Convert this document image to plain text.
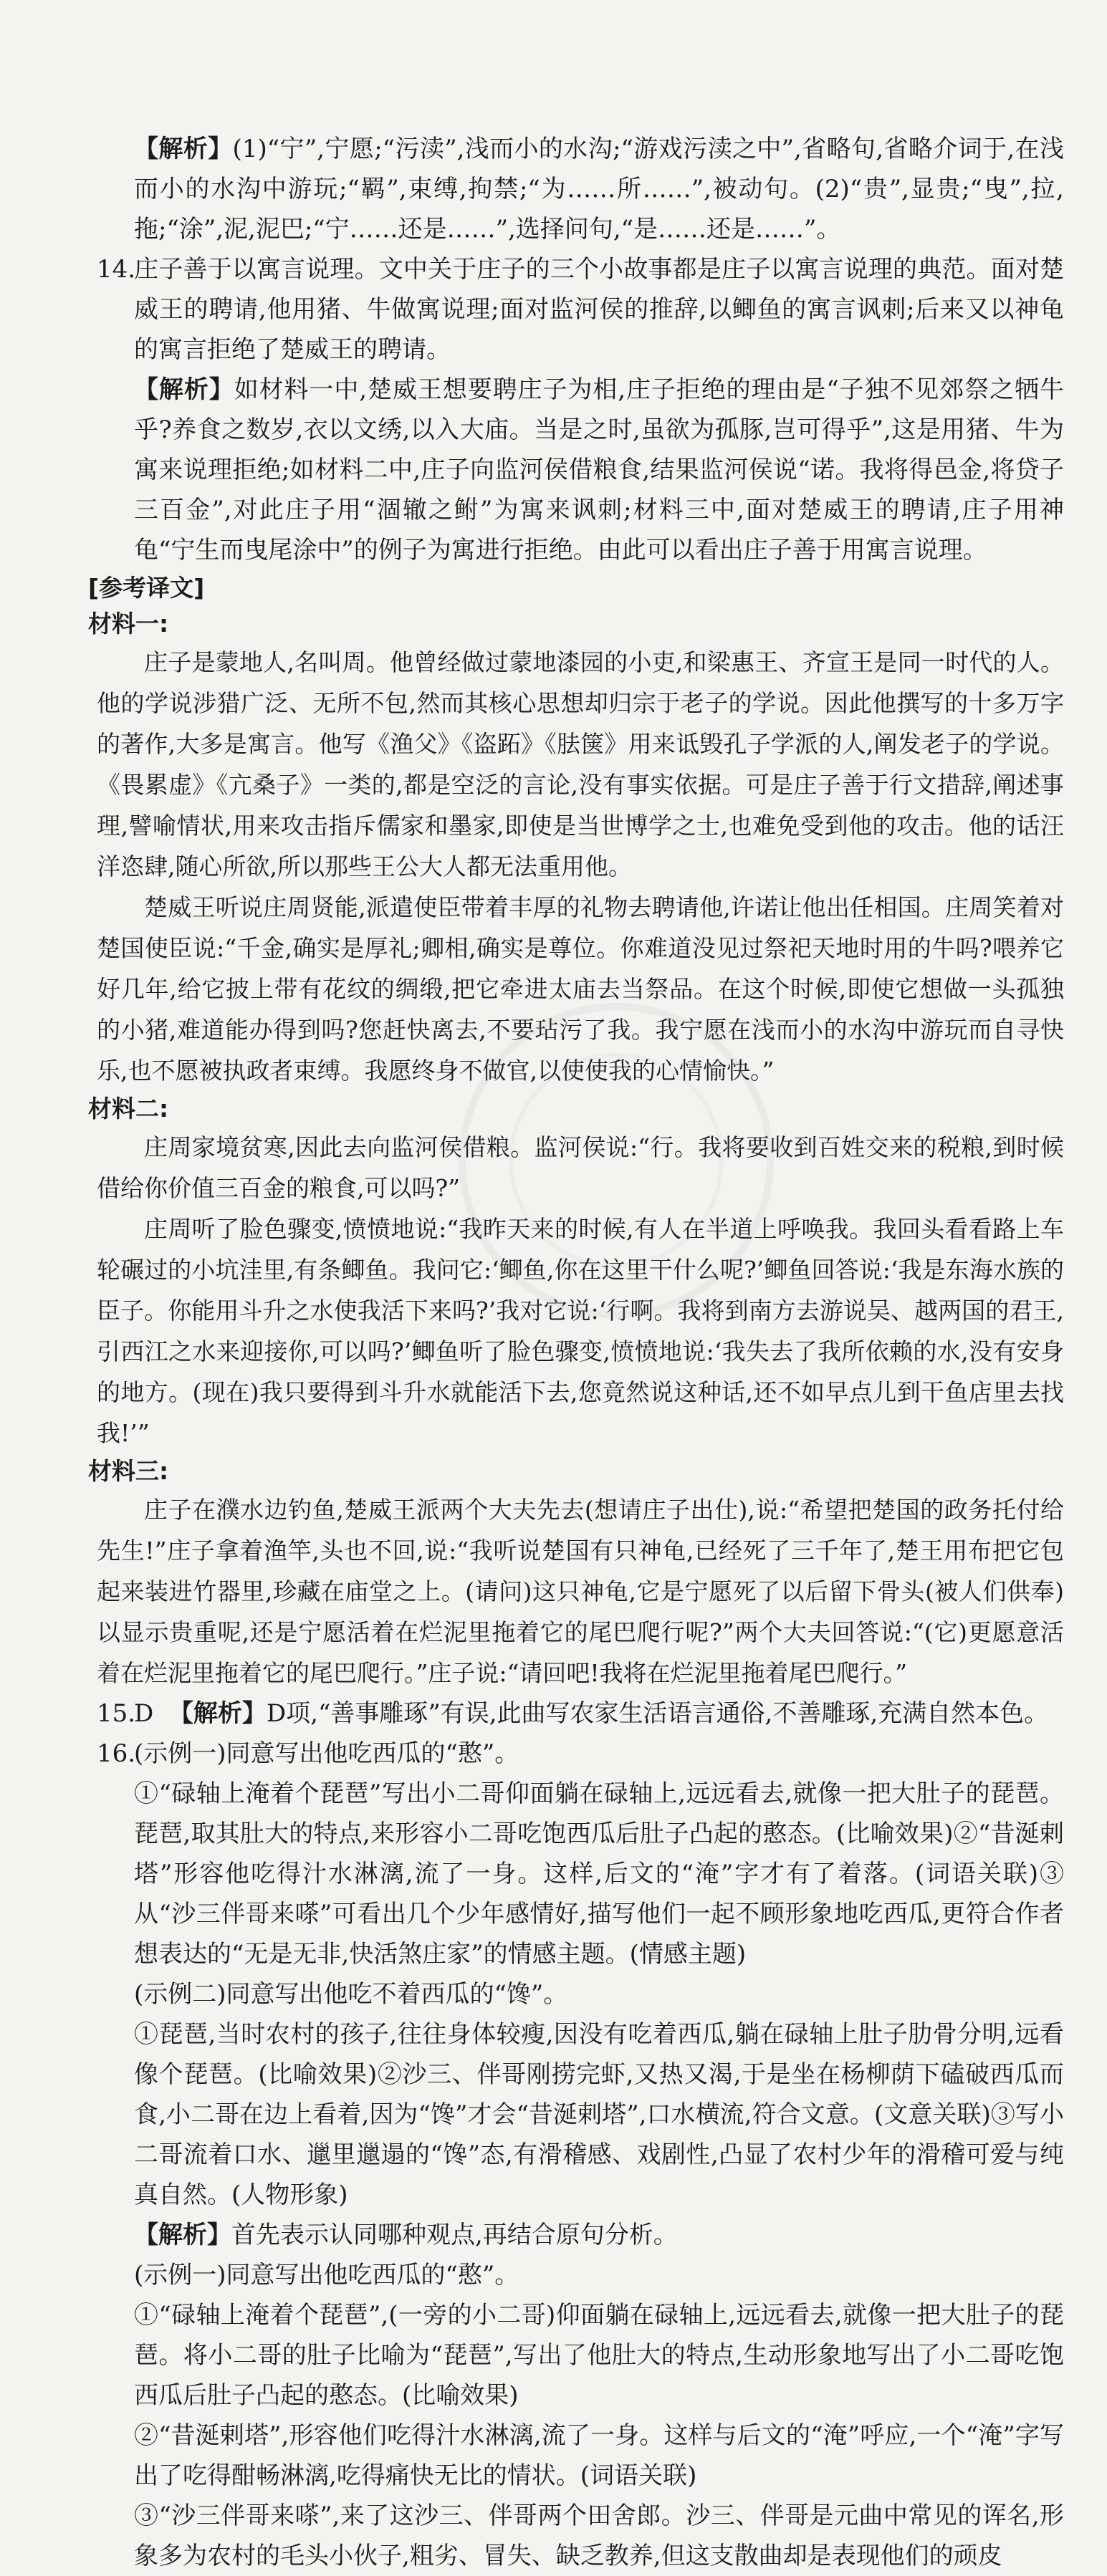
【解析】(1)“宁”,宁愿;“污渎”,浅而小的水沟;“游戏污渎之中”,省略句,省略介词于,在浅而小的水沟中游玩;“羁”,束缚,拘禁;“为……所……”,被动句。(2)“贵”,显贵;“曳”,拉,拖;“涂”,泥,泥巴;“宁……还是……”,选择问句,“是……还是……”。
14.庄子善于以寓言说理。文中关于庄子的三个小故事都是庄子以寓言说理的典范。面对楚威王的聘请,他用猪、牛做寓说理;面对监河侯的推辞,以鲫鱼的寓言讽刺;后来又以神龟的寓言拒绝了楚威王的聘请。
【解析】如材料一中,楚威王想要聘庄子为相,庄子拒绝的理由是“子独不见郊祭之牺牛乎?养食之数岁,衣以文绣,以入大庙。当是之时,虽欲为孤豚,岂可得乎”,这是用猪、牛为寓来说理拒绝;如材料二中,庄子向监河侯借粮食,结果监河侯说“诺。我将得邑金,将贷子三百金”,对此庄子用“涸辙之鲋”为寓来讽刺;材料三中,面对楚威王的聘请,庄子用神龟“宁生而曳尾涂中”的例子为寓进行拒绝。由此可以看出庄子善于用寓言说理。
[参考译文]
材料一:

庄子是蒙地人,名叫周。他曾经做过蒙地漆园的小吏,和梁惠王、齐宣王是同一时代的人。他的学说涉猎广泛、无所不包,然而其核心思想却归宗于老子的学说。因此他撰写的十多万字的著作,大多是寓言。他写《渔父》《盗跖》《胠箧》用来诋毁孔子学派的人,阐发老子的学说。《畏累虚》《亢桑子》一类的,都是空泛的言论,没有事实依据。可是庄子善于行文措辞,阐述事理,譬喻情状,用来攻击指斥儒家和墨家,即使是当世博学之士,也难免受到他的攻击。他的话汪洋恣肆,随心所欲,所以那些王公大人都无法重用他。

楚威王听说庄周贤能,派遣使臣带着丰厚的礼物去聘请他,许诺让他出任相国。庄周笑着对楚国使臣说:“千金,确实是厚礼;卿相,确实是尊位。你难道没见过祭祀天地时用的牛吗?喂养它好几年,给它披上带有花纹的绸缎,把它牵进太庙去当祭品。在这个时候,即使它想做一头孤独的小猪,难道能办得到吗?您赶快离去,不要玷污了我。我宁愿在浅而小的水沟中游玩而自寻快乐,也不愿被执政者束缚。我愿终身不做官,以使使我的心情愉快。”

材料二:

庄周家境贫寒,因此去向监河侯借粮。监河侯说:“行。我将要收到百姓交来的税粮,到时候借给你价值三百金的粮食,可以吗?”

庄周听了脸色骤变,愤愤地说:“我昨天来的时候,有人在半道上呼唤我。我回头看看路上车轮碾过的小坑洼里,有条鲫鱼。我问它:‘鲫鱼,你在这里干什么呢?’鲫鱼回答说:‘我是东海水族的臣子。你能用斗升之水使我活下来吗?’我对它说:‘行啊。我将到南方去游说吴、越两国的君王,引西江之水来迎接你,可以吗?’鲫鱼听了脸色骤变,愤愤地说:‘我失去了我所依赖的水,没有安身的地方。(现在)我只要得到斗升水就能活下去,您竟然说这种话,还不如早点儿到干鱼店里去找我!’”

材料三:

庄子在濮水边钓鱼,楚威王派两个大夫先去(想请庄子出仕),说:“希望把楚国的政务托付给先生!”庄子拿着渔竿,头也不回,说:“我听说楚国有只神龟,已经死了三千年了,楚王用布把它包起来装进竹器里,珍藏在庙堂之上。(请问)这只神龟,它是宁愿死了以后留下骨头(被人们供奉)以显示贵重呢,还是宁愿活着在烂泥里拖着它的尾巴爬行呢?”两个大夫回答说:“(它)更愿意活着在烂泥里拖着它的尾巴爬行。”庄子说:“请回吧!我将在烂泥里拖着尾巴爬行。”

15.D 【解析】D项,“善事雕琢”有误,此曲写农家生活语言通俗,不善雕琢,充满自然本色。
16.(示例一)同意写出他吃西瓜的“憨”。
①“碌轴上淹着个琵琶”写出小二哥仰面躺在碌轴上,远远看去,就像一把大肚子的琵琶。琵琶,取其肚大的特点,来形容小二哥吃饱西瓜后肚子凸起的憨态。(比喻效果)②“昔涎剌塔”形容他吃得汁水淋漓,流了一身。这样,后文的“淹”字才有了着落。(词语关联)③从“沙三伴哥来嗏”可看出几个少年感情好,描写他们一起不顾形象地吃西瓜,更符合作者想表达的“无是无非,快活煞庄家”的情感主题。(情感主题)
(示例二)同意写出他吃不着西瓜的“馋”。
①琵琶,当时农村的孩子,往往身体较瘦,因没有吃着西瓜,躺在碌轴上肚子肋骨分明,远看像个琵琶。(比喻效果)②沙三、伴哥刚捞完虾,又热又渴,于是坐在杨柳荫下磕破西瓜而食,小二哥在边上看着,因为“馋”才会“昔涎剌塔”,口水横流,符合文意。(文意关联)③写小二哥流着口水、邋里邋遢的“馋”态,有滑稽感、戏剧性,凸显了农村少年的滑稽可爱与纯真自然。(人物形象)
【解析】首先表示认同哪种观点,再结合原句分析。
(示例一)同意写出他吃西瓜的“憨”。
①“碌轴上淹着个琵琶”,(一旁的小二哥)仰面躺在碌轴上,远远看去,就像一把大肚子的琵琶。将小二哥的肚子比喻为“琵琶”,写出了他肚大的特点,生动形象地写出了小二哥吃饱西瓜后肚子凸起的憨态。(比喻效果)
②“昔涎剌塔”,形容他们吃得汁水淋漓,流了一身。这样与后文的“淹”呼应,一个“淹”字写出了吃得酣畅淋漓,吃得痛快无比的情状。(词语关联)
③“沙三伴哥来嗏”,来了这沙三、伴哥两个田舍郎。沙三、伴哥是元曲中常见的诨名,形象多为农村的毛头小伙子,粗劣、冒失、缺乏教养,但这支散曲却是表现他们的顽皮
